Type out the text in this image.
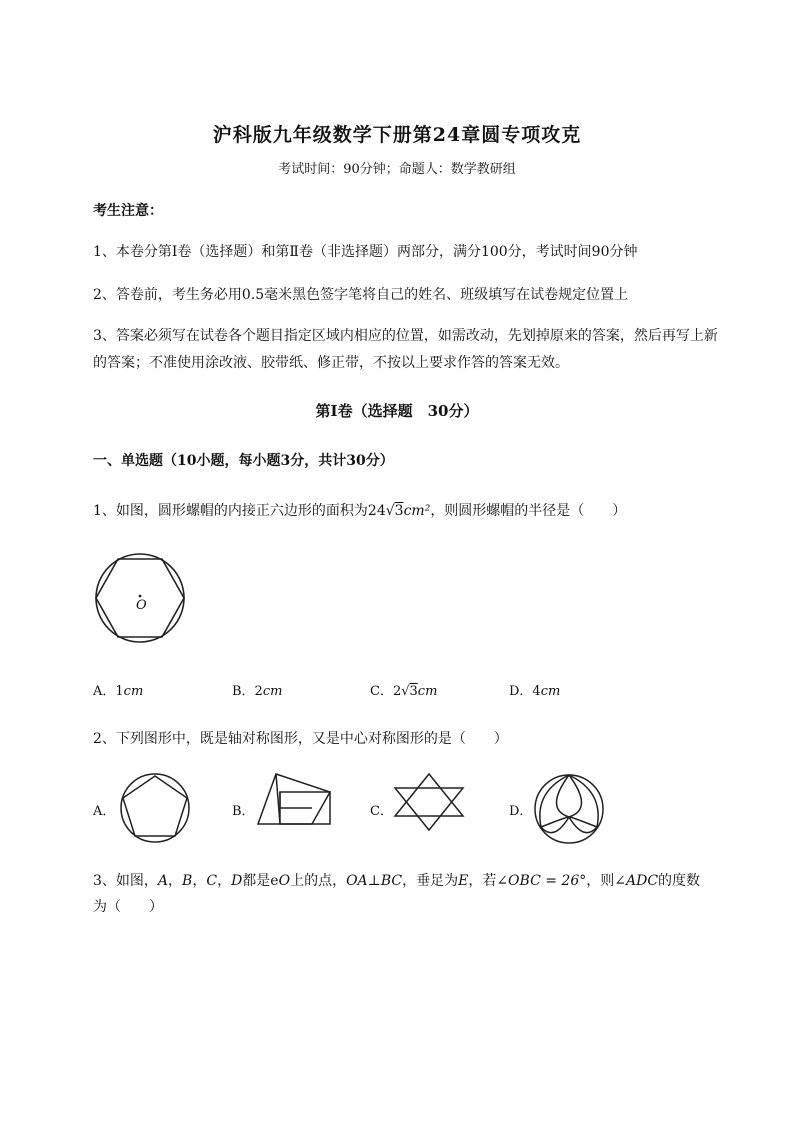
沪科版九年级数学下册第24章圆专项攻克
考试时间：90分钟；命题人：数学教研组
考生注意：
1、本卷分第I卷（选择题）和第Ⅱ卷（非选择题）两部分，满分100分，考试时间90分钟
2、答卷前，考生务必用0.5毫米黑色签字笔将自己的姓名、班级填写在试卷规定位置上
3、答案必须写在试卷各个题目指定区域内相应的位置，如需改动，先划掉原来的答案，然后再写上新
的答案；不准使用涂改液、胶带纸、修正带，不按以上要求作答的答案无效。
第I卷（选择题　30分）
一、单选题（10小题，每小题3分，共计30分）
1、如图，圆形螺帽的内接正六边形的面积为24√3cm²，则圆形螺帽的半径是（　　）
O
A．1cm	B．2cm	C．2√3cm	D．4cm
2、下列图形中，既是轴对称图形，又是中心对称图形的是（　　）
A．	B．	C．	D．
3、如图，A，B，C，D都是eO上的点，OA⊥BC，垂足为E，若∠OBC = 26°，则∠ADC的度数
为（　　）
